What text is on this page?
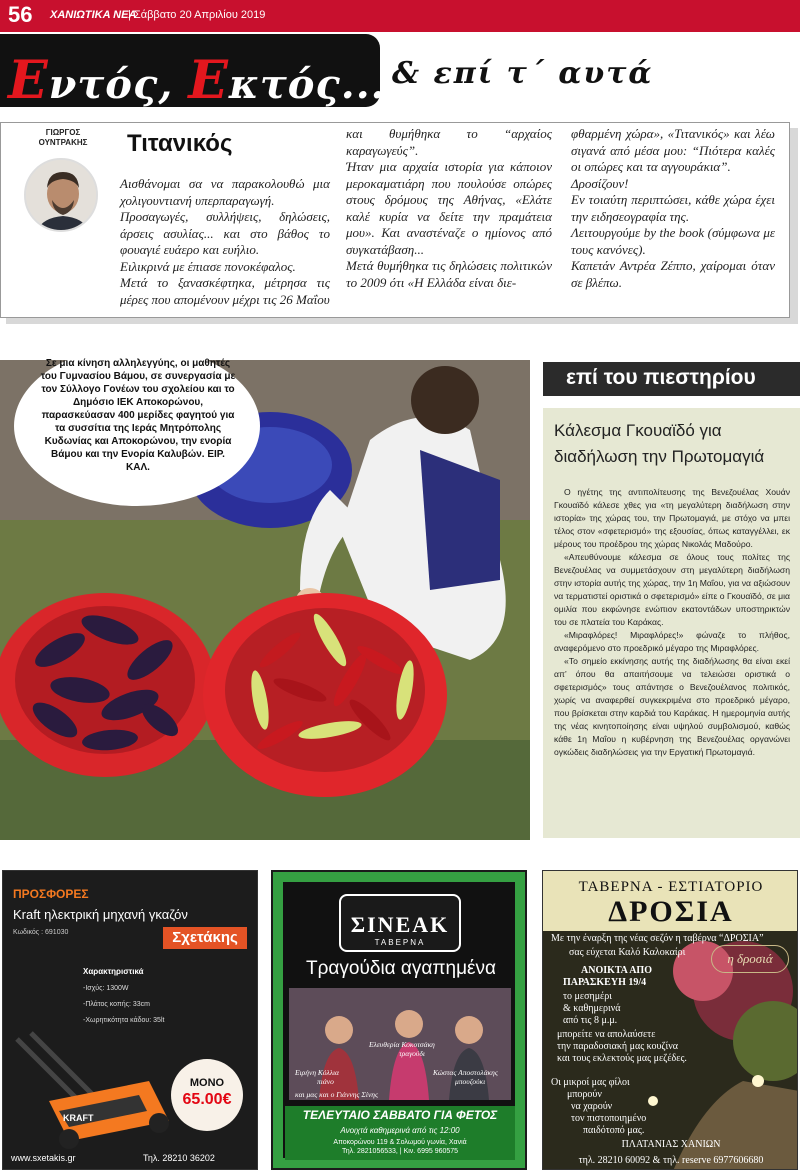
56 ΧΑΝΙΩΤΙΚΑ ΝΕΑ
| Σάββατο 20 Απριλίου 2019
Εντός, Εκτός... & επί τ΄ αυτά
ΓΙΩΡΓΟΣ
ΟΥΝΤΡΑΚΗΣ	Τιτανικός

Αισθάνομαι σα να παρακολουθώ μια χολιγουντιανή υπερπαραγωγή.

Προσαγωγές, συλλήψεις, δηλώσεις, άρσεις ασυλίας... και στο βάθος το φουαγιέ ευάερο και ευήλιο.

Ειλικρινά με έπιασε πονοκέφαλος.

Μετά το ξανασκέφτηκα, μέτρησα τις μέρες που απομένουν μέχρι τις 26 Μαΐου

και θυμήθηκα το “αρχαίος καραγωγεύς”.

Ήταν μια αρχαία ιστορία για κάποιον μεροκαματιάρη που πουλούσε οπώρες στους δρόμους της Αθήνας, «Ελάτε καλέ κυρία να δείτε την πραμάτεια μου». Και αναστέναζε ο ημίονος από συγκατάβαση...

Μετά θυμήθηκα τις δηλώσεις πολιτικών το 2009 ότι «Η Ελλάδα είναι διε-

φθαρμένη χώρα», «Τιτανικός» και λέω σιγανά από μέσα μου: “Πιότερα καλές οι οπώρες και τα αγγουράκια”.

Δροσίζουν!

Εν τοιαύτη περιπτώσει, κάθε χώρα έχει την ειδησεογραφία της.

Λειτουργούμε by the book (σύμφωνα με τους κανόνες).

Καπετάν Αντρέα Ζέππο, χαίρομαι όταν σε βλέπω.

Σε μια κίνηση αλληλεγγύης, οι μαθητές του Γυμνασίου Βάμου, σε συνεργασία με τον Σύλλογο Γονέων του σχολείου και το Δημόσιο ΙΕΚ Αποκορώνου, παρασκεύασαν 400 μερίδες φαγητού για τα συσσίτια της Ιεράς Μητρόπολης Κυδωνίας και Αποκορώνου, την ενορία Βάμου και την Ενορία Καλυβών. ΕΙΡ. ΚΑΛ.
επί του πιεστηρίου
Κάλεσμα Γκουαϊδό για διαδήλωση την Πρωτομαγιά

Ο ηγέτης της αντιπολίτευσης της Βενεζουέλας Χουάν Γκουαϊδό κάλεσε χθες για «τη μεγαλύτερη διαδήλωση στην ιστορία» της χώρας του, την Πρωτομαγιά, με στόχο να μπει τέλος στον «σφετερισμό» της εξουσίας, όπως καταγγέλλει, εκ μέρους του προέδρου της χώρας Νικολάς Μαδούρο.

«Απευθύνουμε κάλεσμα σε όλους τους πολίτες της Βενεζουέλας να συμμετάσχουν στη μεγαλύτερη διαδήλωση στην ιστορία αυτής της χώρας, την 1η Μαΐου, για να αξιώσουν να τερματιστεί οριστικά ο σφετερισμό» είπε ο Γκουαϊδό, σε μια ομιλία που εκφώνησε ενώπιον εκατοντάδων υποστηρικτών του σε πλατεία του Καράκας.

«Μιραφλόρες! Μιραφλόρες!» φώναζε το πλήθος, αναφερόμενο στο προεδρικό μέγαρο της Μιραφλόρες.

«Το σημείο εκκίνησης αυτής της διαδήλωσης θα είναι εκεί απ’ όπου θα απαιτήσουμε να τελειώσει οριστικά ο σφετερισμός» τους απάντησε ο Βενεζουέλανος πολιτικός, χωρίς να αναφερθεί συγκεκριμένα στο προεδρικό μέγαρο, που βρίσκεται στην καρδιά του Καράκας. Η ημερομηνία αυτής της νέας κινητοποίησης είναι υψηλού συμβολισμού, καθώς κάθε 1η Μαΐου η κυβέρνηση της Βενεζουέλας οργανώνει ογκώδεις διαδηλώσεις για την Εργατική Πρωτομαγιά.

ΠΡΟΣΦΟΡΕΣ
Kraft ηλεκτρική μηχανή γκαζόν
Κωδικός : 691030	Σχετάκης
Χαρακτηριστικά
-Ισχύς: 1300W
-Πλάτος κοπής: 33cm
-Χωρητικότητα κάδου: 35lt
KRAFT
ΜΟΝΟ
65.00€
www.sxetakis.gr	Τηλ. 28210 36202
ΣΙΝΕΑΚ
ΤΑΒΕΡΝΑ
Τραγούδια αγαπημένα
Ελευθερία Κοκοτσάκη
τραγούδι
Ειρήνη Κόλλια
πιάνο
Κώστας Αποστολάκης
μπουζούκι
και μας και ο Γιάννης Σίνης
ΤΕΛΕΥΤΑΙΟ ΣΑΒΒΑΤΟ ΓΙΑ ΦΕΤΟΣ
Ανοιχτά καθημερινά από τις 12:00
Αποκορώνου 119 & Σολωμού γωνία, Χανιά
Τηλ. 2821056533, | Κιν. 6995 960575
ΤΑΒΕΡΝΑ - ΕΣΤΙΑΤΟΡΙΟ
ΔΡΟΣΙΑ
η δροσιά
Με την έναρξη της νέας σεζόν η ταβέρνα “ΔΡΟΣΙΑ”
σας εύχεται Καλό Καλοκαίρι
ΑΝΟΙΚΤΑ ΑΠΟ
ΠΑΡΑΣΚΕΥΗ 19/4
το μεσημέρι
& καθημερινά
από τις 8 μ.μ.
μπορείτε να απολαύσετε
την παραδοσιακή μας κουζίνα
και τους εκλεκτούς μας μεζέδες.
Οι μικροί μας φίλοι
μπορούν
να χαρούν
τον πιστοποιημένο
παιδότοπό μας.
ΠΛΑΤΑΝΙΑΣ ΧΑΝΙΩΝ
τηλ. 28210 60092 & τηλ. reserve 6977606680
